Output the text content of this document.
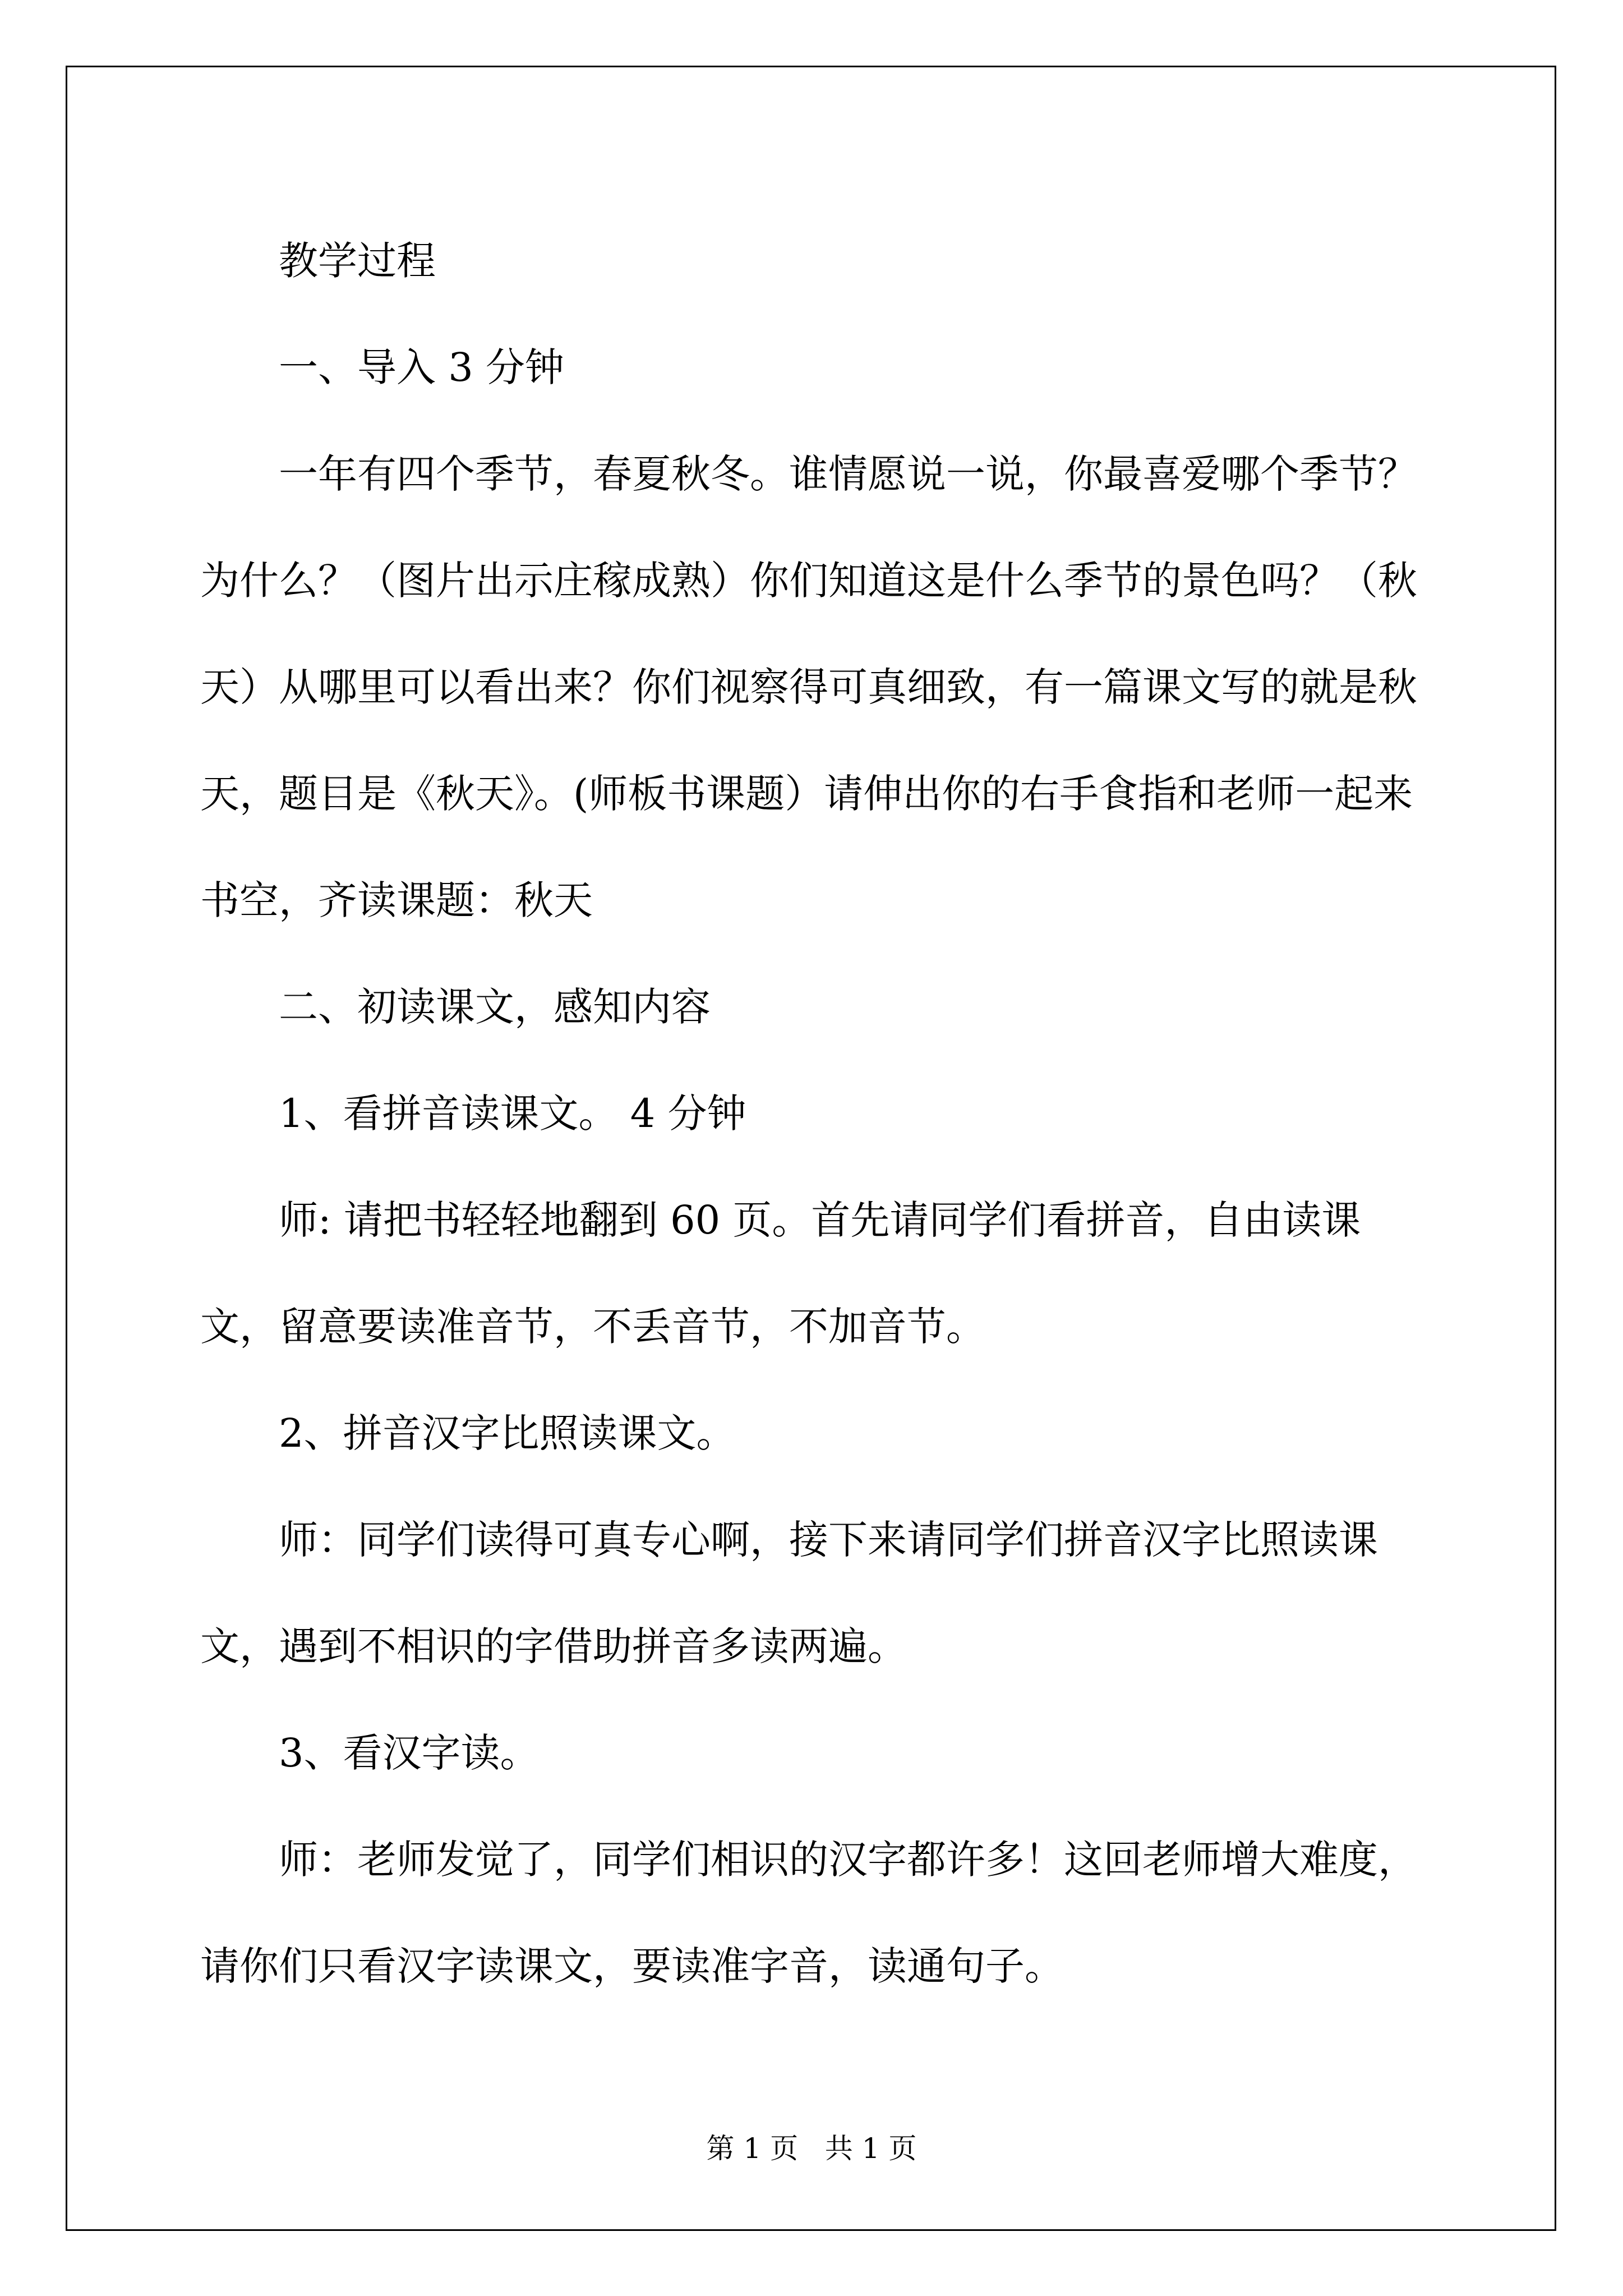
教学过程

一、导入 3 分钟

一年有四个季节，春夏秋冬。谁情愿说一说，你最喜爱哪个季节？为什么？（图片出示庄稼成熟）你们知道这是什么季节的景色吗？（秋天）从哪里可以看出来？你们视察得可真细致，有一篇课文写的就是秋天，题目是《秋天》。(师板书课题）请伸出你的右手食指和老师一起来书空，齐读课题：秋天

二、初读课文，感知内容

1、看拼音读课文。 4 分钟

师: 请把书轻轻地翻到 60 页。首先请同学们看拼音，自由读课文，留意要读准音节，不丢音节，不加音节。

2、拼音汉字比照读课文。

师：同学们读得可真专心啊，接下来请同学们拼音汉字比照读课文，遇到不相识的字借助拼音多读两遍。

3、看汉字读。

师：老师发觉了，同学们相识的汉字都许多！这回老师增大难度，请你们只看汉字读课文，要读准字音，读通句子。

第 1 页   共 1 页
